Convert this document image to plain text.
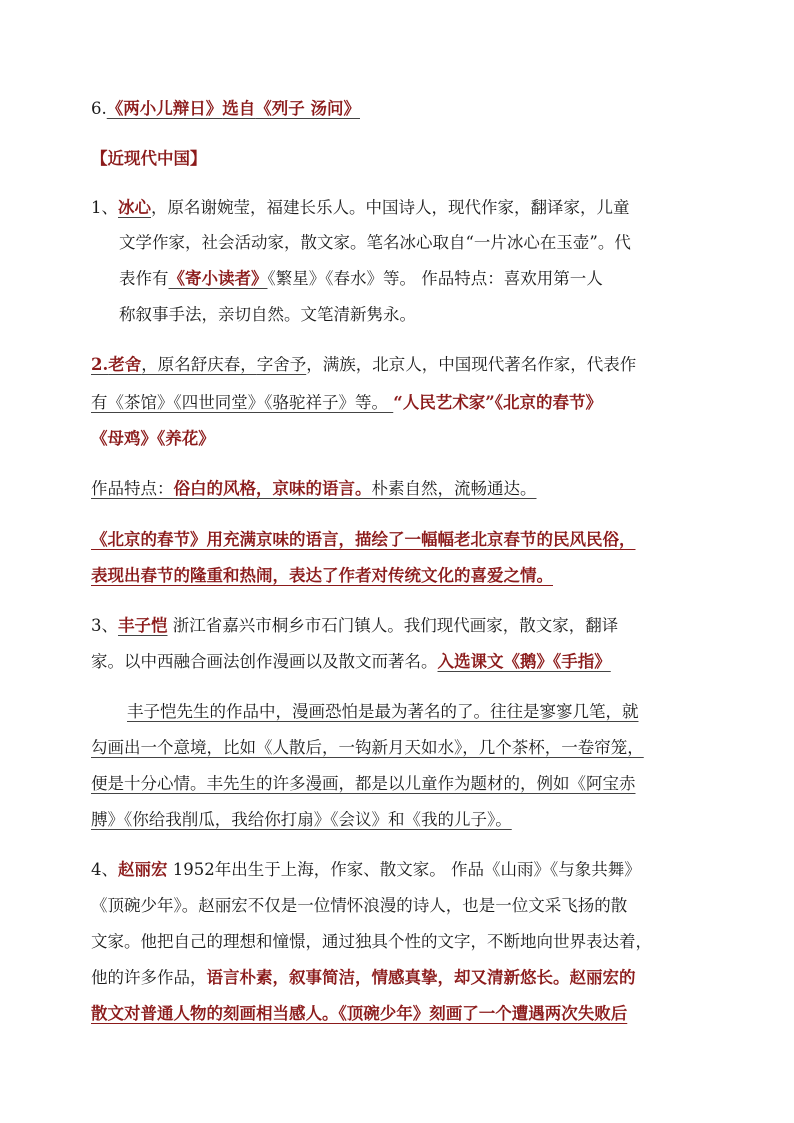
6.《两小儿辩日》选自《列子 汤问》
【近现代中国】
1、冰心，原名谢婉莹，福建长乐人。中国诗人，现代作家，翻译家，儿童
文学作家，社会活动家，散文家。笔名冰心取自“一片冰心在玉壶”。代
表作有《寄小读者》《繁星》《春水》等。 作品特点：喜欢用第一人
称叙事手法，亲切自然。文笔清新隽永。
2.老舍，原名舒庆春，字舍予，满族，北京人，中国现代著名作家，代表作
有《茶馆》《四世同堂》《骆驼祥子》等。 “人民艺术家”《北京的春节》
《母鸡》《养花》
作品特点：俗白的风格，京味的语言。朴素自然，流畅通达。
《北京的春节》用充满京味的语言，描绘了一幅幅老北京春节的民风民俗，
表现出春节的隆重和热闹，表达了作者对传统文化的喜爱之情。
3、丰子恺 浙江省嘉兴市桐乡市石门镇人。我们现代画家，散文家，翻译
家。以中西融合画法创作漫画以及散文而著名。入选课文《鹅》《手指》
丰子恺先生的作品中，漫画恐怕是最为著名的了。往往是寥寥几笔，就
勾画出一个意境，比如《人散后，一钩新月天如水》，几个茶杯，一卷帘笼，
便是十分心情。丰先生的许多漫画，都是以儿童作为题材的，例如《阿宝赤
膊》《你给我削瓜，我给你打扇》《会议》和《我的儿子》。
4、赵丽宏 1952年出生于上海，作家、散文家。 作品《山雨》《与象共舞》
《顶碗少年》。赵丽宏不仅是一位情怀浪漫的诗人，也是一位文采飞扬的散
文家。他把自己的理想和憧憬，通过独具个性的文字，不断地向世界表达着，
他的许多作品，语言朴素，叙事简洁，情感真挚，却又清新悠长。赵丽宏的
散文对普通人物的刻画相当感人。《顶碗少年》刻画了一个遭遇两次失败后
